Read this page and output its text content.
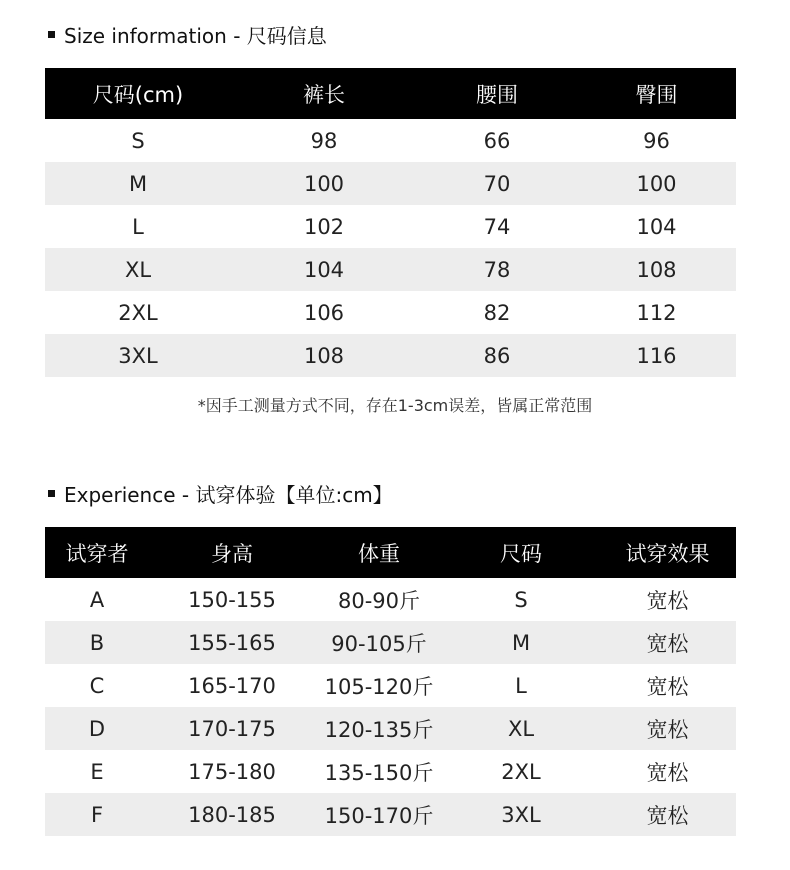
Size information - 尺码信息
尺码(cm)	裤长	腰围	臀围
S	98	66	96
M	100	70	100
L	102	74	104
XL	104	78	108
2XL	106	82	112
3XL	108	86	116
*因手工测量方式不同，存在1-3cm误差，皆属正常范围
Experience - 试穿体验【单位:cm】
试穿者	身高	体重	尺码	试穿效果
A	150-155	80-90斤	S	宽松
B	155-165	90-105斤	M	宽松
C	165-170	105-120斤	L	宽松
D	170-175	120-135斤	XL	宽松
E	175-180	135-150斤	2XL	宽松
F	180-185	150-170斤	3XL	宽松
